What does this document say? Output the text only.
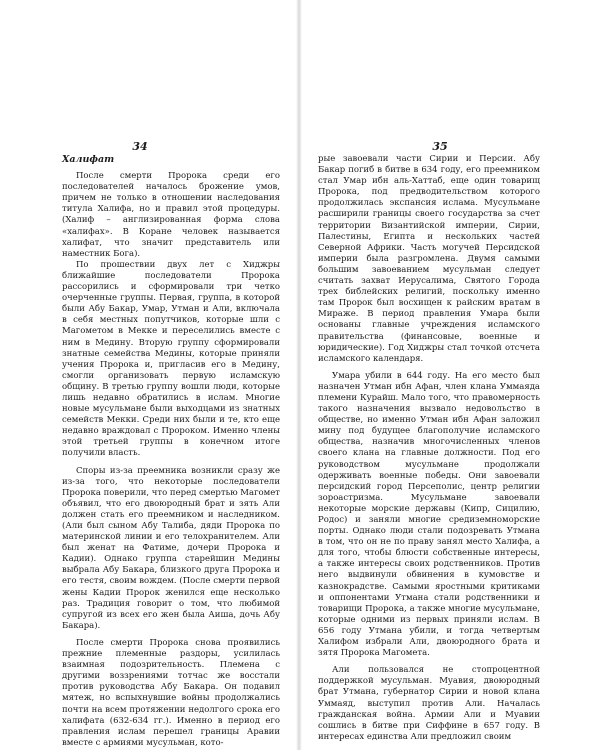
34
Халифат

После смерти Пророка среди его последователей началось брожение умов, причем не только в отношении наследования титула Халифа, но и правил этой процедуры. (Халиф – англизированная форма слова «халифах». В Коране человек называется халифат, что значит представитель или наместник Бога).

По прошествии двух лет с Хиджры ближайшие последователи Пророка рассорились и сформировали три четко очерченные группы. Первая, группа, в которой были Абу Бакар, Умар, Утман и Али, включала в себя местных попутчиков, которые шли с Магометом в Мекке и переселились вместе с ним в Медину. Вторую группу сформировали знатные семейства Медины, которые приняли учения Пророка и, пригласив его в Медину, смогли организовать первую исламскую общину. В третью группу вошли люди, которые лишь недавно обратились в ислам. Многие новые мусульмане были выходцами из знатных семейств Мекки. Среди них были и те, кто еще недавно враждовал с Пророком. Именно члены этой третьей группы в конечном итоге получили власть.

Споры из-за преемника возникли сразу же из-за того, что некоторые последователи Пророка поверили, что перед смертью Магомет объявил, что его двоюродный брат и зять Али должен стать его преемником и наследником. (Али был сыном Абу Талиба, дяди Пророка по материнской линии и его телохранителем. Али был женат на Фатиме, дочери Пророка и Кадии). Однако группа старейшин Медины выбрала Абу Бакара, близкого друга Пророка и его тестя, своим вождем. (После смерти первой жены Кадии Пророк женился еще несколько раз. Традиция говорит о том, что любимой супругой из всех его жен была Аиша, дочь Абу Бакара).

После смерти Пророка снова проявились прежние племенные раздоры, усилилась взаимная подозрительность. Племена с другими воззрениями тотчас же восстали против руководства Абу Бакара. Он подавил мятеж, но вспыхнувшие войны продолжались почти на всем протяжении недолгого срока его халифата (632-634 гг.). Именно в период его правления ислам перешел границы Аравии вместе с армиями мусульман, кото-

35

рые завоевали части Сирии и Персии. Абу Бакар погиб в битве в 634 году, его преемником стал Умар ибн аль-Хаттаб, еще один товарищ Пророка, под предводительством которого продолжилась экспансия ислама. Мусульмане расширили границы своего государства за счет территории Византийской империи, Сирии, Палестины, Египта и нескольких частей Северной Африки. Часть могучей Персидской империи была разгромлена. Двумя самыми большим завоеванием мусульман следует считать захват Иерусалима, Святого Города трех библейских религий, поскольку именно там Пророк был восхищен к райским вратам в Мираже. В период правления Умара были основаны главные учреждения исламского правительства (финансовые, военные и юридические). Год Хиджры стал точкой отсчета исламского календаря.

Умара убили в 644 году. На его место был назначен Утман ибн Афан, член клана Уммаяда племени Курайш. Мало того, что правомерность такого назначения вызвало недовольство в обществе, но именно Утман ибн Афан заложил мину под будущее благополучие исламского общества, назначив многочисленных членов своего клана на главные должности. Под его руководством мусульмане продолжали одерживать военные победы. Они завоевали персидский город Персеполис, центр религии зороастризма. Мусульмане завоевали некоторые морские державы (Кипр, Сицилию, Родос) и заняли многие средиземноморские порты. Однако люди стали подозревать Утмана в том, что он не по праву занял место Халифа, а для того, чтобы блюсти собственные интересы, а также интересы своих родственников. Против него выдвинули обвинения в кумовстве и казнокрадстве. Самыми яростными критиками и оппонентами Утмана стали родственники и товарищи Пророка, а также многие мусульмане, которые одними из первых приняли ислам. В 656 году Утмана убили, и тогда четвертым Халифом избрали Али, двоюродного брата и зятя Пророка Магомета.

Али пользовался не стопроцентной поддержкой мусульман. Муавия, двоюродный брат Утмана, губернатор Сирии и новой клана Уммаяд, выступил против Али. Началась гражданская война. Армии Али и Муавии сошлись в битве при Сиффине в 657 году. В интересах единства Али предложил своим
